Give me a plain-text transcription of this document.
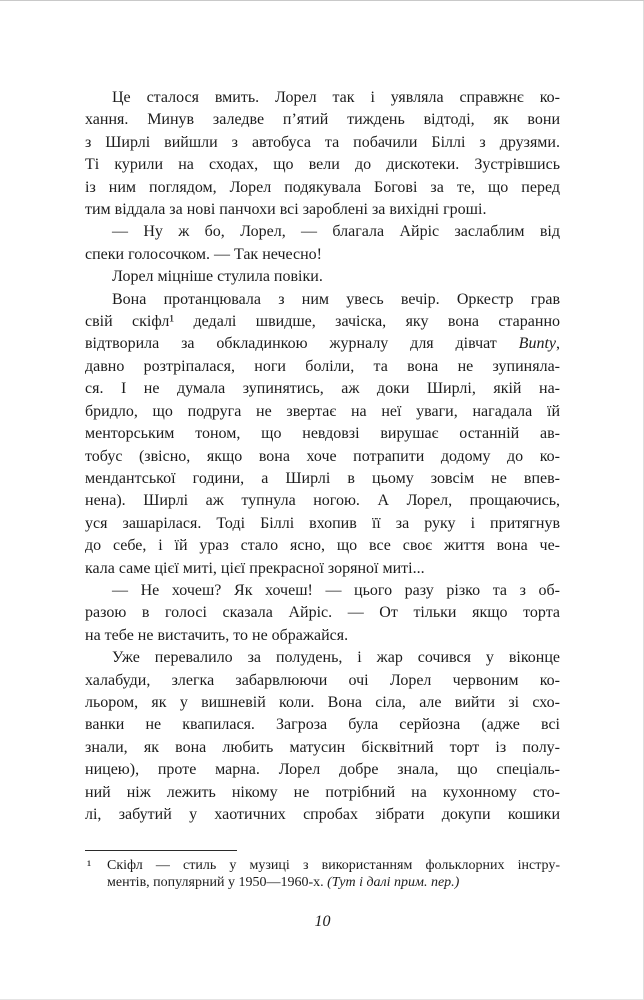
Це сталося вмить. Лорел так і уявляла справжнє ко-
хання. Минув заледве п’ятий тиждень відтоді, як вони
з Ширлі вийшли з автобуса та побачили Біллі з друзями.
Ті курили на сходах, що вели до дискотеки. Зустрівшись
із ним поглядом, Лорел подякувала Богові за те, що перед
тим віддала за нові панчохи всі зароблені за вихідні гроші.
— Ну ж бо, Лорел, — благала Айріс заслаблим від
спеки голосочком. — Так нечесно!
Лорел міцніше стулила повіки.
Вона протанцювала з ним увесь вечір. Оркестр грав
свій скіфл¹ дедалі швидше, зачіска, яку вона старанно
відтворила за обкладинкою журналу для дівчат Bunty,
давно розтріпалася, ноги боліли, та вона не зупиняла-
ся. І не думала зупинятись, аж доки Ширлі, якій на-
бридло, що подруга не звертає на неї уваги, нагадала їй
менторським тоном, що невдовзі вирушає останній ав-
тобус (звісно, якщо вона хоче потрапити додому до ко-
мендантської години, а Ширлі в цьому зовсім не впев-
нена). Ширлі аж тупнула ногою. А Лорел, прощаючись,
уся зашарілася. Тоді Біллі вхопив її за руку і притягнув
до себе, і їй ураз стало ясно, що все своє життя вона че-
кала саме цієї миті, цієї прекрасної зоряної миті...
— Не хочеш? Як хочеш! — цього разу різко та з об-
разою в голосі сказала Айріс. — От тільки якщо торта
на тебе не вистачить, то не ображайся.
Уже перевалило за полудень, і жар сочився у віконце
халабуди, злегка забарвлюючи очі Лорел червоним ко-
льором, як у вишневій коли. Вона сіла, але вийти зі схо-
ванки не квапилася. Загроза була серйозна (адже всі
знали, як вона любить матусин бісквітний торт із полу-
ницею), проте марна. Лорел добре знала, що спеціаль-
ний ніж лежить нікому не потрібний на кухонному сто-
лі, забутий у хаотичних спробах зібрати докупи кошики
¹ Скіфл — стиль у музиці з використанням фольклорних інстру-
ментів, популярний у 1950—1960-х. (Тут і далі прим. пер.)
10
